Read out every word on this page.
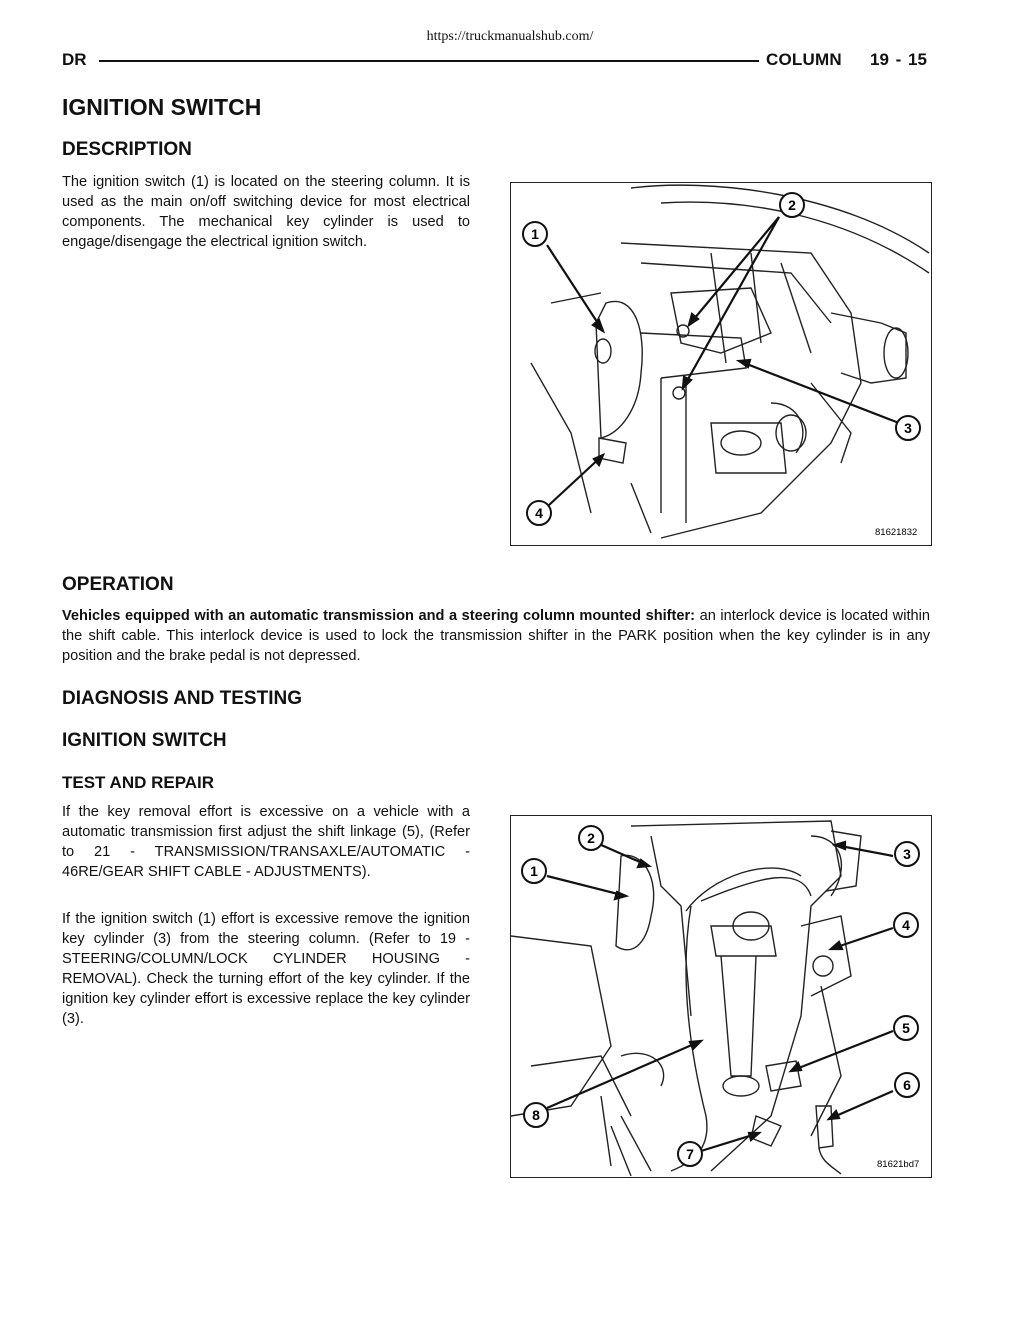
https://truckmanualshub.com/
DR	COLUMN 19 - 15
IGNITION SWITCH
DESCRIPTION

The ignition switch (1) is located on the steering column. It is used as the main on/off switching device for most electrical components. The mechanical key cylinder is used to engage/disengage the electrical ignition switch.	1
2
3
4
81621832
OPERATION

Vehicles equipped with an automatic transmission and a steering column mounted shifter: an interlock device is located within the shift cable. This interlock device is used to lock the transmission shifter in the PARK position when the key cylinder is in any position and the brake pedal is not depressed.

DIAGNOSIS AND TESTING
IGNITION SWITCH
TEST AND REPAIR

If the key removal effort is excessive on a vehicle with a automatic transmission first adjust the shift linkage (5), (Refer to 21 - TRANSMISSION/TRANSAXLE/AUTOMATIC - 46RE/GEAR SHIFT CABLE - ADJUSTMENTS).

If the ignition switch (1) effort is excessive remove the ignition key cylinder (3) from the steering column. (Refer to 19 - STEERING/COLUMN/LOCK CYLINDER HOUSING - REMOVAL). Check the turning effort of the key cylinder. If the ignition key cylinder effort is excessive replace the key cylinder (3).

1
2
3
4
5
6
7
8
81621bd7
